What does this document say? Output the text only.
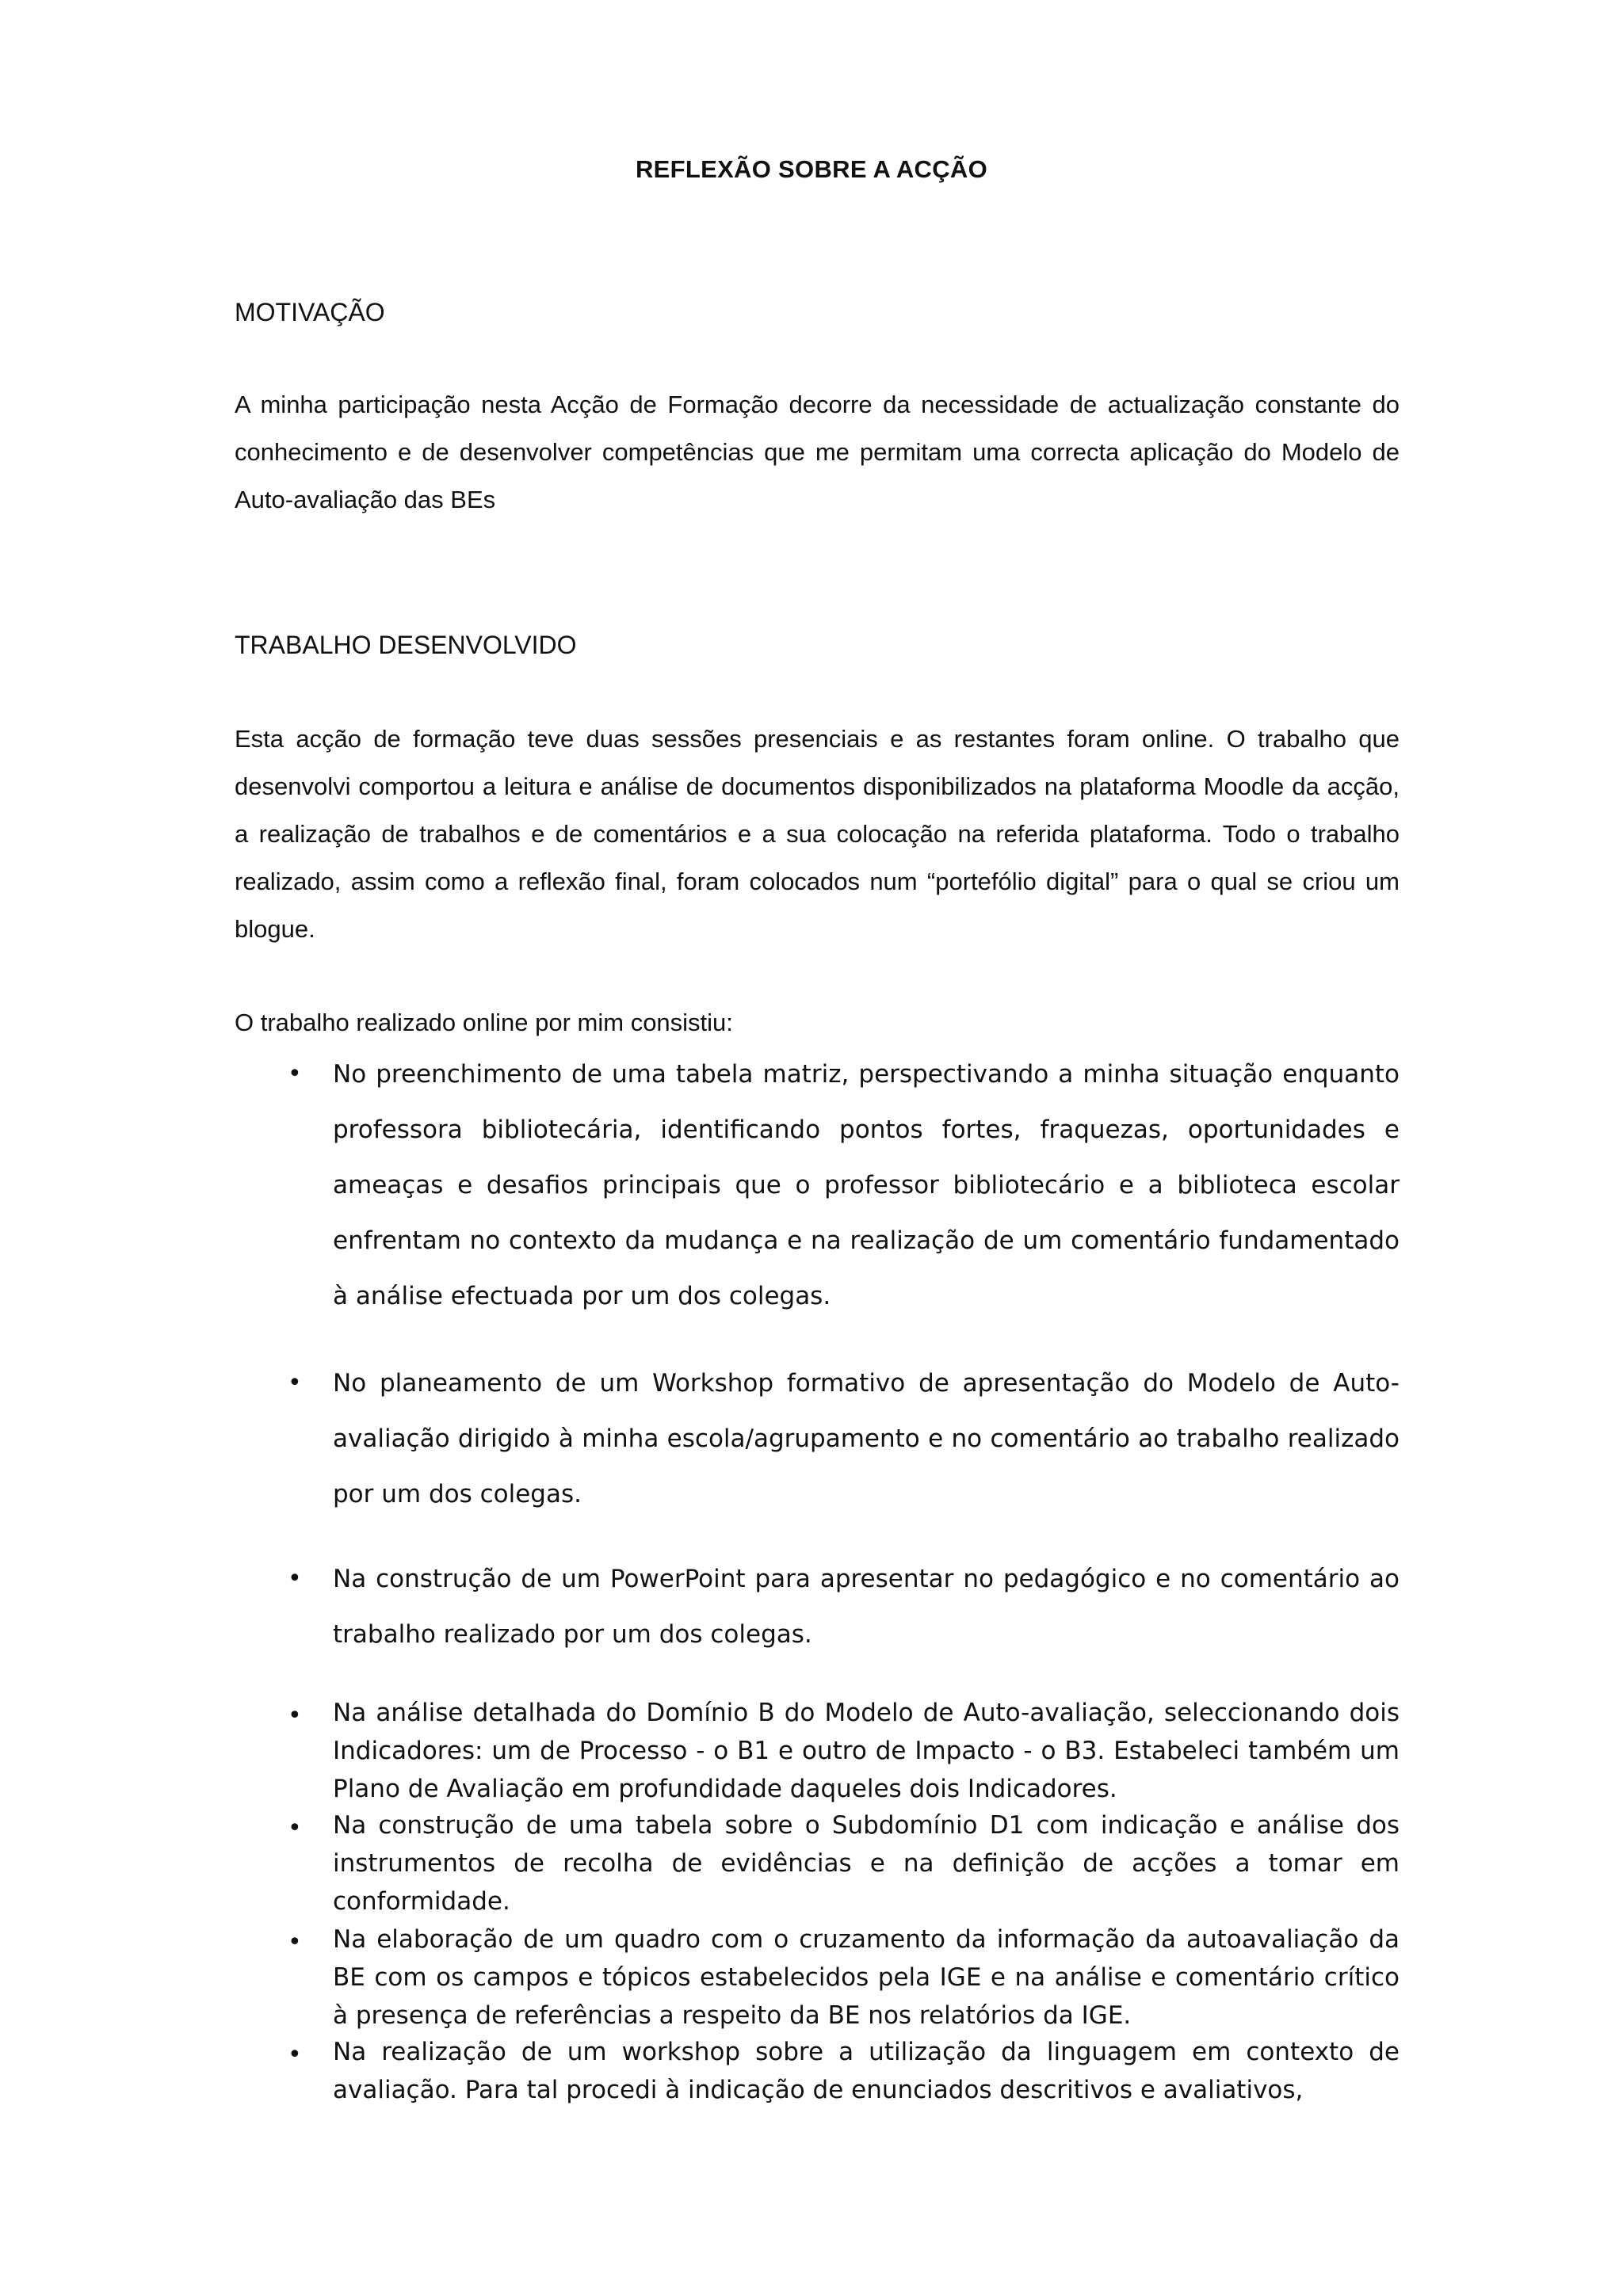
REFLEXÃO SOBRE A ACÇÃO
MOTIVAÇÃO

A minha participação nesta Acção de Formação decorre da necessidade de actualização constante do conhecimento e de desenvolver competências que me permitam uma correcta aplicação do Modelo de Auto-avaliação das BEs

TRABALHO DESENVOLVIDO

Esta acção de formação teve duas sessões presenciais e as restantes foram online. O trabalho que desenvolvi comportou a leitura e análise de documentos disponibilizados na plataforma Moodle da acção, a realização de trabalhos e de comentários e a sua colocação na referida plataforma. Todo o trabalho realizado, assim como a reflexão final, foram colocados num “portefólio digital” para o qual se criou um blogue.

O trabalho realizado online por mim consistiu:
• No preenchimento de uma tabela matriz, perspectivando a minha situação enquanto professora bibliotecária, identificando pontos fortes, fraquezas, oportunidades e ameaças e desafios principais que o professor bibliotecário e a biblioteca escolar enfrentam no contexto da mudança e na realização de um comentário fundamentado à análise efectuada por um dos colegas.

• No planeamento de um Workshop formativo de apresentação do Modelo de Auto-avaliação dirigido à minha escola/agrupamento e no comentário ao trabalho realizado por um dos colegas.

• Na construção de um PowerPoint para apresentar no pedagógico e no comentário ao trabalho realizado por um dos colegas.

• Na análise detalhada do Domínio B do Modelo de Auto-avaliação, seleccionando dois Indicadores: um de Processo - o B1 e outro de Impacto - o B3. Estabeleci também um Plano de Avaliação em profundidade daqueles dois Indicadores.

• Na construção de uma tabela sobre o Subdomínio D1 com indicação e análise dos instrumentos de recolha de evidências e na definição de acções a tomar em conformidade.

• Na elaboração de um quadro com o cruzamento da informação da autoavaliação da BE com os campos e tópicos estabelecidos pela IGE e na análise e comentário crítico à presença de referências a respeito da BE nos relatórios da IGE.

• Na realização de um workshop sobre a utilização da linguagem em contexto de avaliação. Para tal procedi à indicação de enunciados descritivos e avaliativos,
